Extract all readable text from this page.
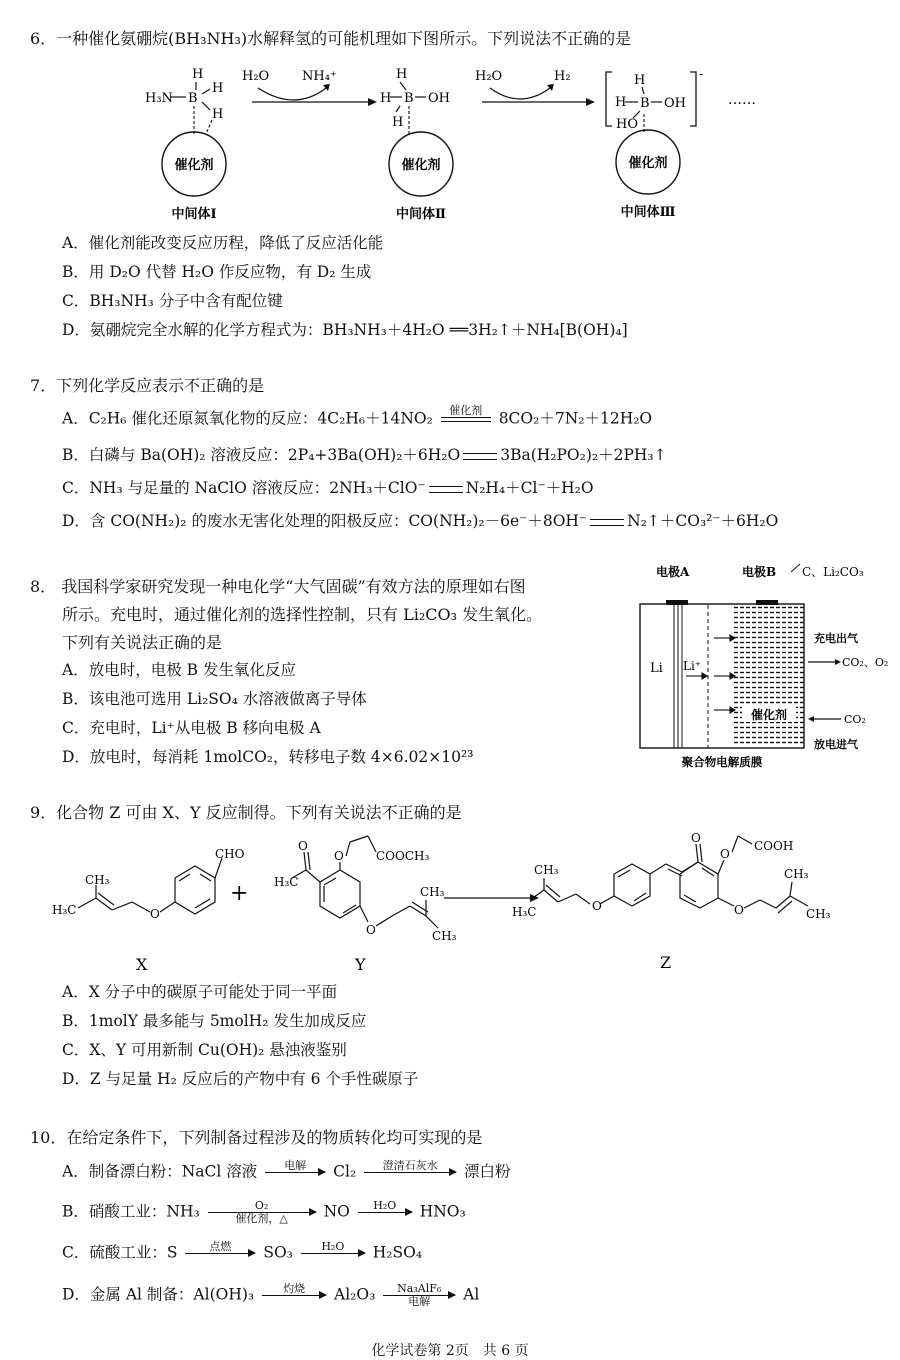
6．一种催化氨硼烷(BH₃NH₃)水解释氢的可能机理如下图所示。下列说法不正确的是
H
H₃N B
H
H
催化剂
中间体Ⅰ
H₂O	NH₄⁺	H
H B OH
H
催化剂
中间体Ⅱ
H₂O	H₂	H
H B OH
HO
-
……
催化剂
中间体Ⅲ
A．催化剂能改变反应历程，降低了反应活化能
B．用 D₂O 代替 H₂O 作反应物，有 D₂ 生成
C．BH₃NH₃ 分子中含有配位键
D．氨硼烷完全水解的化学方程式为：BH₃NH₃＋4H₂O ══3H₂↑＋NH₄[B(OH)₄]
7．下列化学反应表示不正确的是
A．C₂H₆ 催化还原氮氧化物的反应：4C₂H₆＋14NO₂	催化剂	8CO₂＋7N₂＋12H₂O
B．白磷与 Ba(OH)₂ 溶液反应：2P₄+3Ba(OH)₂＋6H₂O	3Ba(H₂PO₂)₂＋2PH₃↑
C．NH₃ 与足量的 NaClO 溶液反应：2NH₃＋ClO⁻	N₂H₄＋Cl⁻＋H₂O
D．含 CO(NH₂)₂ 的废水无害化处理的阳极反应：CO(NH₂)₂－6e⁻＋8OH⁻	N₂↑＋CO₃²⁻＋6H₂O
8． 我国科学家研究发现一种电化学“大气固碳”有效方法的原理如右图
所示。充电时，通过催化剂的选择性控制，只有 Li₂CO₃ 发生氧化。
下列有关说法正确的是
A．放电时，电极 B 发生氧化反应
B．该电池可选用 Li₂SO₄ 水溶液做离子导体
C．充电时，Li⁺从电极 B 移向电极 A
D．放电时，每消耗 1molCO₂，转移电子数 4×6.02×10²³
电极A	电极B C、Li₂CO₃
催化剂
Li Li⁺
充电出气
CO₂、O₂
CO₂
放电进气
聚合物电解质膜
9．化合物 Z 可由 X、Y 反应制得。下列有关说法不正确的是
CHO
O
CH₃
H₃C
X
+
O
H₃C
O	COOCH₃
O
CH₃
CH₃
Y
O
CH₃
H₃C
O
O
COOH
O
CH₃
CH₃
Z
A．X 分子中的碳原子可能处于同一平面
B．1molY 最多能与 5molH₂ 发生加成反应
C．X、Y 可用新制 Cu(OH)₂ 悬浊液鉴别
D．Z 与足量 H₂ 反应后的产物中有 6 个手性碳原子
10．在给定条件下，下列制备过程涉及的物质转化均可实现的是
A．制备漂白粉：NaCl 溶液	电解	Cl₂	澄清石灰水	漂白粉
B．硝酸工业：NH₃	O₂
催化剂，△	NO	H₂O	HNO₃
C．硫酸工业：S	点燃	SO₃	H₂O	H₂SO₄
D．金属 Al 制备：Al(OH)₃	灼烧	Al₂O₃	Na₃AlF₆
电解	Al
化学试卷第 2页　共 6 页
